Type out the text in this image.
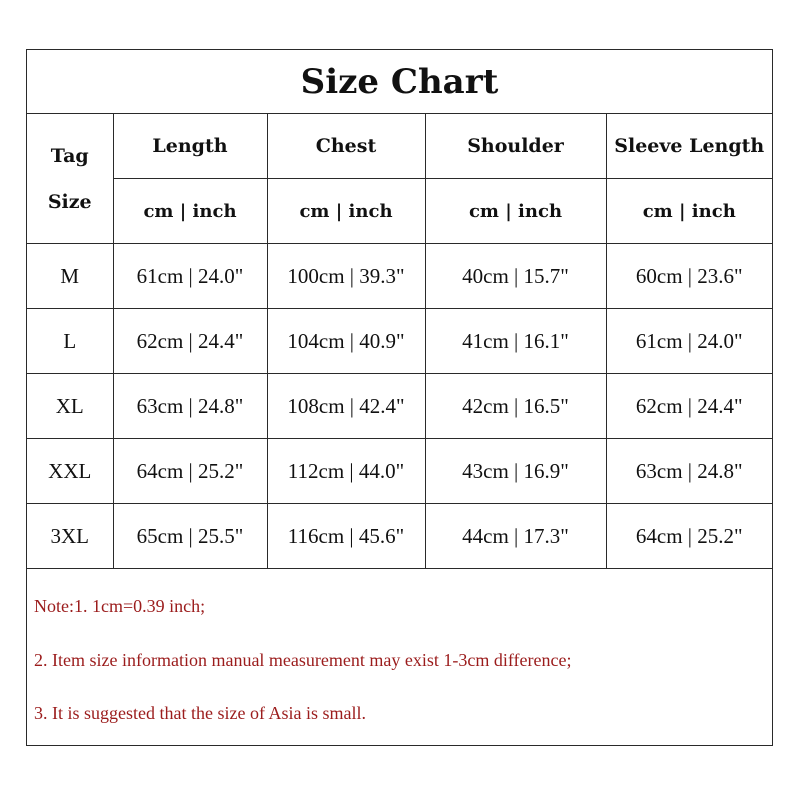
Size Chart
Tag
Size	Length	Chest	Shoulder	Sleeve Length
	cm | inch	cm | inch	cm | inch	cm | inch
M	61cm | 24.0"	100cm | 39.3"	40cm | 15.7"	60cm | 23.6"
L	62cm | 24.4"	104cm | 40.9"	41cm | 16.1"	61cm | 24.0"
XL	63cm | 24.8"	108cm | 42.4"	42cm | 16.5"	62cm | 24.4"
XXL	64cm | 25.2"	112cm | 44.0"	43cm | 16.9"	63cm | 24.8"
3XL	65cm | 25.5"	116cm | 45.6"	44cm | 17.3"	64cm | 25.2"
Note:1. 1cm=0.39 inch;
2. Item size information manual measurement may exist 1-3cm difference;
3. It is suggested that the size of Asia is small.
